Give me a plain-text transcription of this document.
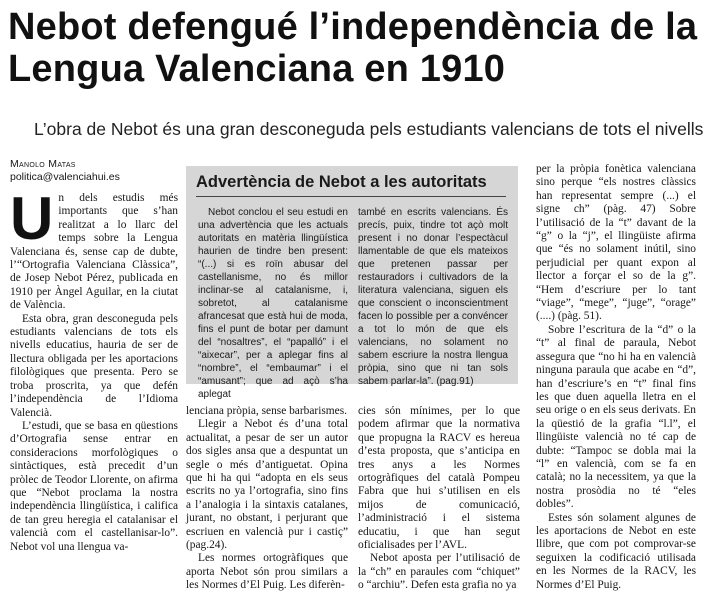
Nebot defengué l’independència de la Lengua Valenciana en 1910

L’obra de Nebot és una gran desconeguda pels estudiants valencians de tots el nivells

Manolo Matas
politica@valenciahui.es

Un dels estudis més importants que s’han realitzat a lo llarc del temps sobre la Lengua Valenciana és, sense cap de dubte, l’“Ortografia Valenciana Clàssica”, de Josep Nebot Pérez, publicada en 1910 per Àngel Aguilar, en la ciutat de València.

Esta obra, gran desconeguda pels estudiants valencians de tots els nivells educatius, hauria de ser de llectura obligada per les aportacions filològiques que presenta. Pero se troba proscrita, ya que defén l’independència de l’Idioma Valencià.

L’estudi, que se basa en qüestions d’Ortografia sense entrar en consideracions morfològiques o sintàctiques, està precedit d’un pròlec de Teodor Llorente, on afirma que “Nebot proclama la nostra independència llingüística, i califica de tan greu heregia el catalanisar el valencià com el castellanisar-lo”. Nebot vol una llengua va-

Advertència de Nebot a les autoritats

Nebot conclou el seu estudi en una advertència que les actuals autoritats en matèria llingüística haurien de tindre ben present: “(...) si es roïn abusar del castellanisme, no és millor inclinar-se al catalanisme, i, sobretot, al catalanisme afrancesat que està hui de moda, fins el punt de botar per damunt del “nosaltres”, el “papalló” i el “aixecar”, per a aplegar fins al “nombre”, el “embaumar” i el “amusant”; que ad açò s’ha aplegat

també en escrits valencians. És precís, puix, tindre tot açò molt present i no donar l’espectàcul llamentable de que els mateixos que pretenen passar per restauradors i cultivadors de la literatura valenciana, siguen els que conscient o inconscientment facen lo possible per a convéncer a tot lo món de que els valencians, no solament no sabem escriure la nostra llengua pròpia, sino que ni tan sols sabem parlar-la”. (pag.91)

lenciana pròpia, sense barbarismes.

Llegir a Nebot és d’una total actualitat, a pesar de ser un autor dos sigles ansa que a despuntat un segle o més d’antiguetat. Opina que hi ha qui “adopta en els seus escrits no ya l’ortografia, sino fins a l’analogia i la sintaxis catalanes, jurant, no obstant, i perjurant que escriuen en valencià pur i castiç” (pag.24).

Les normes ortogràfiques que aporta Nebot són prou similars a les Normes d’El Puig. Les diferèn-

cies són mínimes, per lo que podem afirmar que la normativa que propugna la RACV es hereua d’esta proposta, que s’anticipa en tres anys a les Normes ortogràfiques del català Pompeu Fabra que hui s’utilisen en els mijos de comunicació, l’administració i el sistema educatiu, i que han segut oficialisades per l’AVL.

Nebot aposta per l’utilisació de la “ch” en paraules com “chiquet” o “archiu”. Defen esta grafia no ya

per la pròpia fonètica valenciana sino perque “els nostres clàssics han representat sempre (...) el signe ch” (pàg. 47) Sobre l’utilisació de la “t” davant de la “g” o la “j”, el llingüiste afirma que “és no solament inútil, sino perjudicial per quant expon al llector a forçar el so de la g”. “Hem d’escriure per lo tant “viage”, “mege”, “juge”, “orage” (....) (pàg. 51).

Sobre l’escritura de la “d” o la “t” al final de paraula, Nebot assegura que “no hi ha en valencià ninguna paraula que acabe en “d”, han d’escriure’s en “t” final fins les que duen aquella lletra en el seu orige o en els seus derivats. En la qüestió de la grafia “l.l”, el llingüiste valencià no té cap de dubte: “Tampoc se dobla mai la “l” en valencià, com se fa en català; no la necessitem, ya que la nostra prosòdia no té “eles dobles”.

Estes són solament algunes de les aportacions de Nebot en este llibre, que com pot comprovar-se seguixen la codificació utilisada en les Normes de la RACV, les Normes d’El Puig.
